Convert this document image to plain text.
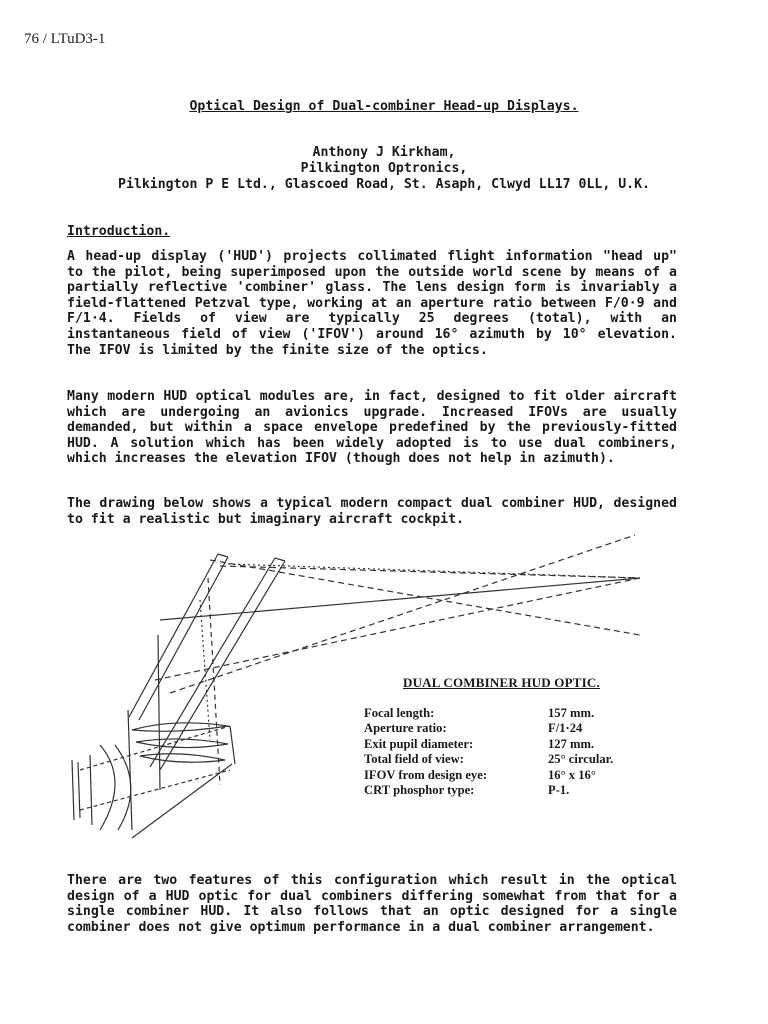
76 / LTuD3-1
Optical Design of Dual-combiner Head-up Displays.
Anthony J Kirkham,
Pilkington Optronics,
Pilkington P E Ltd., Glascoed Road, St. Asaph, Clwyd LL17 0LL, U.K.
Introduction.

A head-up display ('HUD') projects collimated flight information "head up" to the pilot, being superimposed upon the outside world scene by means of a partially reflective 'combiner' glass. The lens design form is invariably a field-flattened Petzval type, working at an aperture ratio between F/0·9 and F/1·4. Fields of view are typically 25 degrees (total), with an instantaneous field of view ('IFOV') around 16° azimuth by 10° elevation. The IFOV is limited by the finite size of the optics.

Many modern HUD optical modules are, in fact, designed to fit older aircraft which are undergoing an avionics upgrade. Increased IFOVs are usually demanded, but within a space envelope predefined by the previously-fitted HUD. A solution which has been widely adopted is to use dual combiners, which increases the elevation IFOV (though does not help in azimuth).

The drawing below shows a typical modern compact dual combiner HUD, designed to fit a realistic but imaginary aircraft cockpit.

DUAL COMBINER HUD OPTIC.
Focal length:	157 mm.
Aperture ratio:	F/1·24
Exit pupil diameter:	127 mm.
Total field of view:	25° circular.
IFOV from design eye:	16° x 16°
CRT phosphor type:	P-1.

There are two features of this configuration which result in the optical design of a HUD optic for dual combiners differing somewhat from that for a single combiner HUD. It also follows that an optic designed for a single combiner does not give optimum performance in a dual combiner arrangement.
